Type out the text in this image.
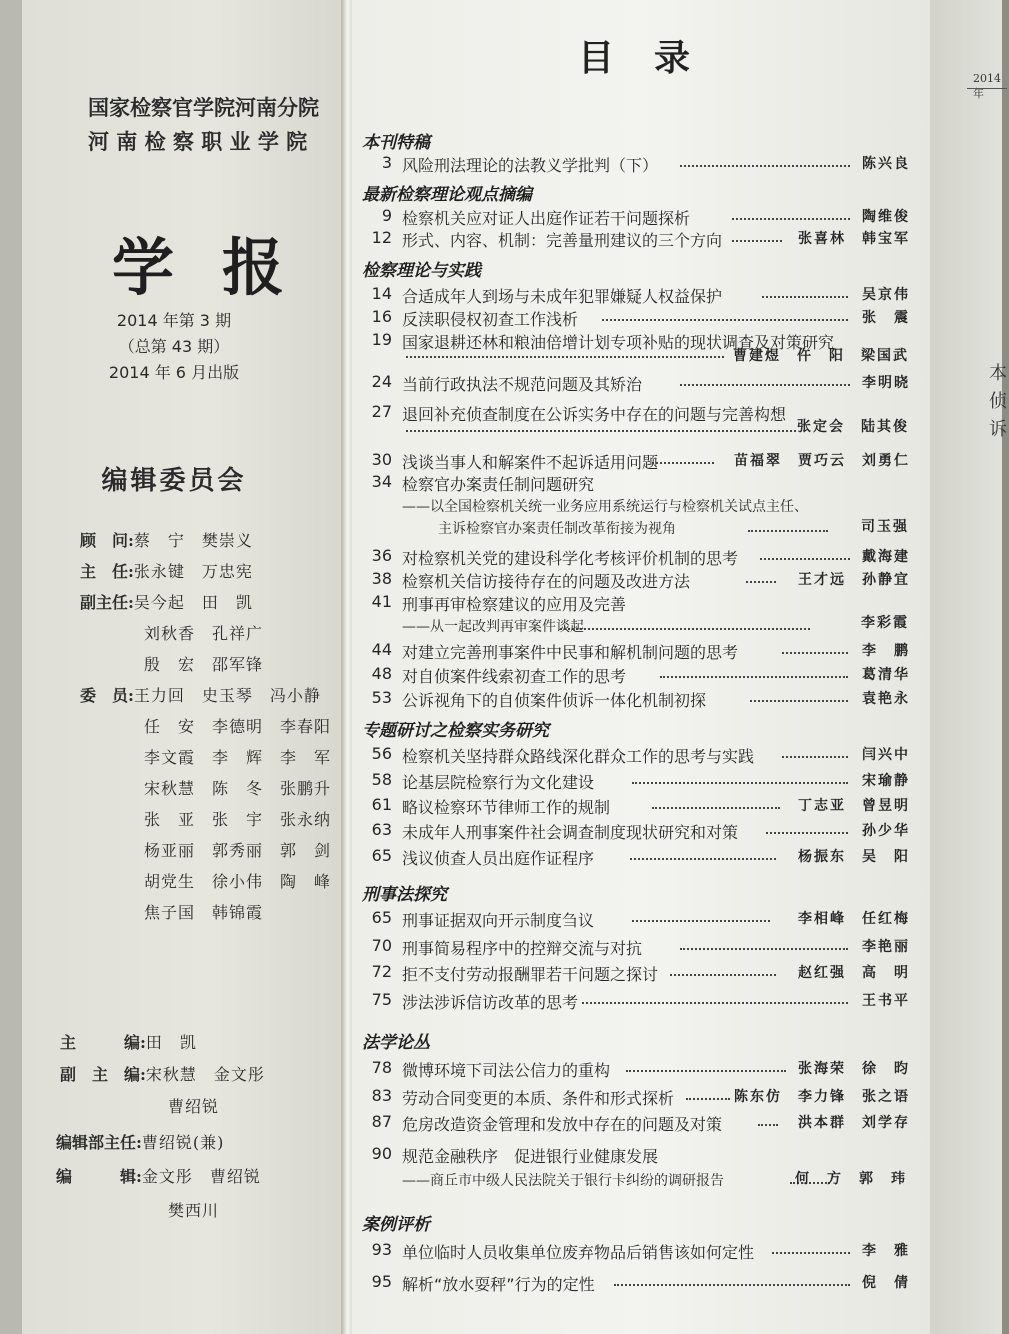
国家检察官学院河南分院
河 南 检 察 职 业 学 院
学报
2014 年第 3 期
（总第 43 期）
2014 年 6 月出版
编辑委员会
顾　问:蔡　宁　樊崇义
主　任:张永键　万忠宪
副主任:吴今起　田　凯
刘秋香　孔祥广
殷　宏　邵军锋
委　员:王力回　史玉琴　冯小静
任　安　李德明　李春阳
李文霞　李　辉　李　军
宋秋慧　陈　冬　张鹏升
张　亚　张　宇　张永纳
杨亚丽　郭秀丽　郭　剑
胡党生　徐小伟　陶　峰
焦子国　韩锦霞
主　　　编:田　凯
副　主　编:宋秋慧　金文彤
曹绍锐
编辑部主任:曹绍锐(兼)
编　　　辑:金文彤　曹绍锐
樊西川
2014 年
本侦诉
目录
本刊特稿
最新检察理论观点摘编
检察理论与实践
专题研讨之检察实务研究
刑事法探究
法学论丛
案例评析
3 风险刑法理论的法教义学批判（下）	陈兴良
9 检察机关应对证人出庭作证若干问题探析	陶维俊
12 形式、内容、机制：完善量刑建议的三个方向	张喜林　韩宝军
14 合适成年人到场与未成年犯罪嫌疑人权益保护	吴京伟
16 反渎职侵权初查工作浅析	张　震
19 国家退耕还林和粮油倍增计划专项补贴的现状调查及对策研究
曹建煜　仵　阳　梁国武
24 当前行政执法不规范问题及其矫治	李明晓
27 退回补充侦查制度在公诉实务中存在的问题与完善构想
张定会　陆其俊
30 浅谈当事人和解案件不起诉适用问题	苗福翠　贾巧云　刘勇仁
34 检察官办案责任制问题研究
——以全国检察机关统一业务应用系统运行与检察机关试点主任、
主诉检察官办案责任制改革衔接为视角	司玉强
36 对检察机关党的建设科学化考核评价机制的思考	戴海建
38 检察机关信访接待存在的问题及改进方法	王才远　孙静宜
41 刑事再审检察建议的应用及完善
——从一起改判再审案件谈起	李彩霞
44 对建立完善刑事案件中民事和解机制问题的思考	李　鹏
48 对自侦案件线索初查工作的思考	葛清华
53 公诉视角下的自侦案件侦诉一体化机制初探	袁艳永
56 检察机关坚持群众路线深化群众工作的思考与实践	闫兴中
58 论基层院检察行为文化建设	宋瑜静
61 略议检察环节律师工作的规制	丁志亚　曾昱明
63 未成年人刑事案件社会调查制度现状研究和对策	孙少华
65 浅议侦查人员出庭作证程序	杨振东　吴　阳
65 刑事证据双向开示制度刍议	李相峰　任红梅
70 刑事简易程序中的控辩交流与对抗	李艳丽
72 拒不支付劳动报酬罪若干问题之探讨	赵红强　高　明
75 涉法涉诉信访改革的思考	王书平
78 微博环境下司法公信力的重构	张海荣　徐　昀
83 劳动合同变更的本质、条件和形式探析	陈东仿　李力锋　张之语
87 危房改造资金管理和发放中存在的问题及对策	洪本群　刘学存
90 规范金融秩序　促进银行业健康发展
——商丘市中级人民法院关于银行卡纠纷的调研报告	何　方　郭　玮
93 单位临时人员收集单位废弃物品后销售该如何定性	李　雅
95 解析“放水耍秤”行为的定性	倪　倩
